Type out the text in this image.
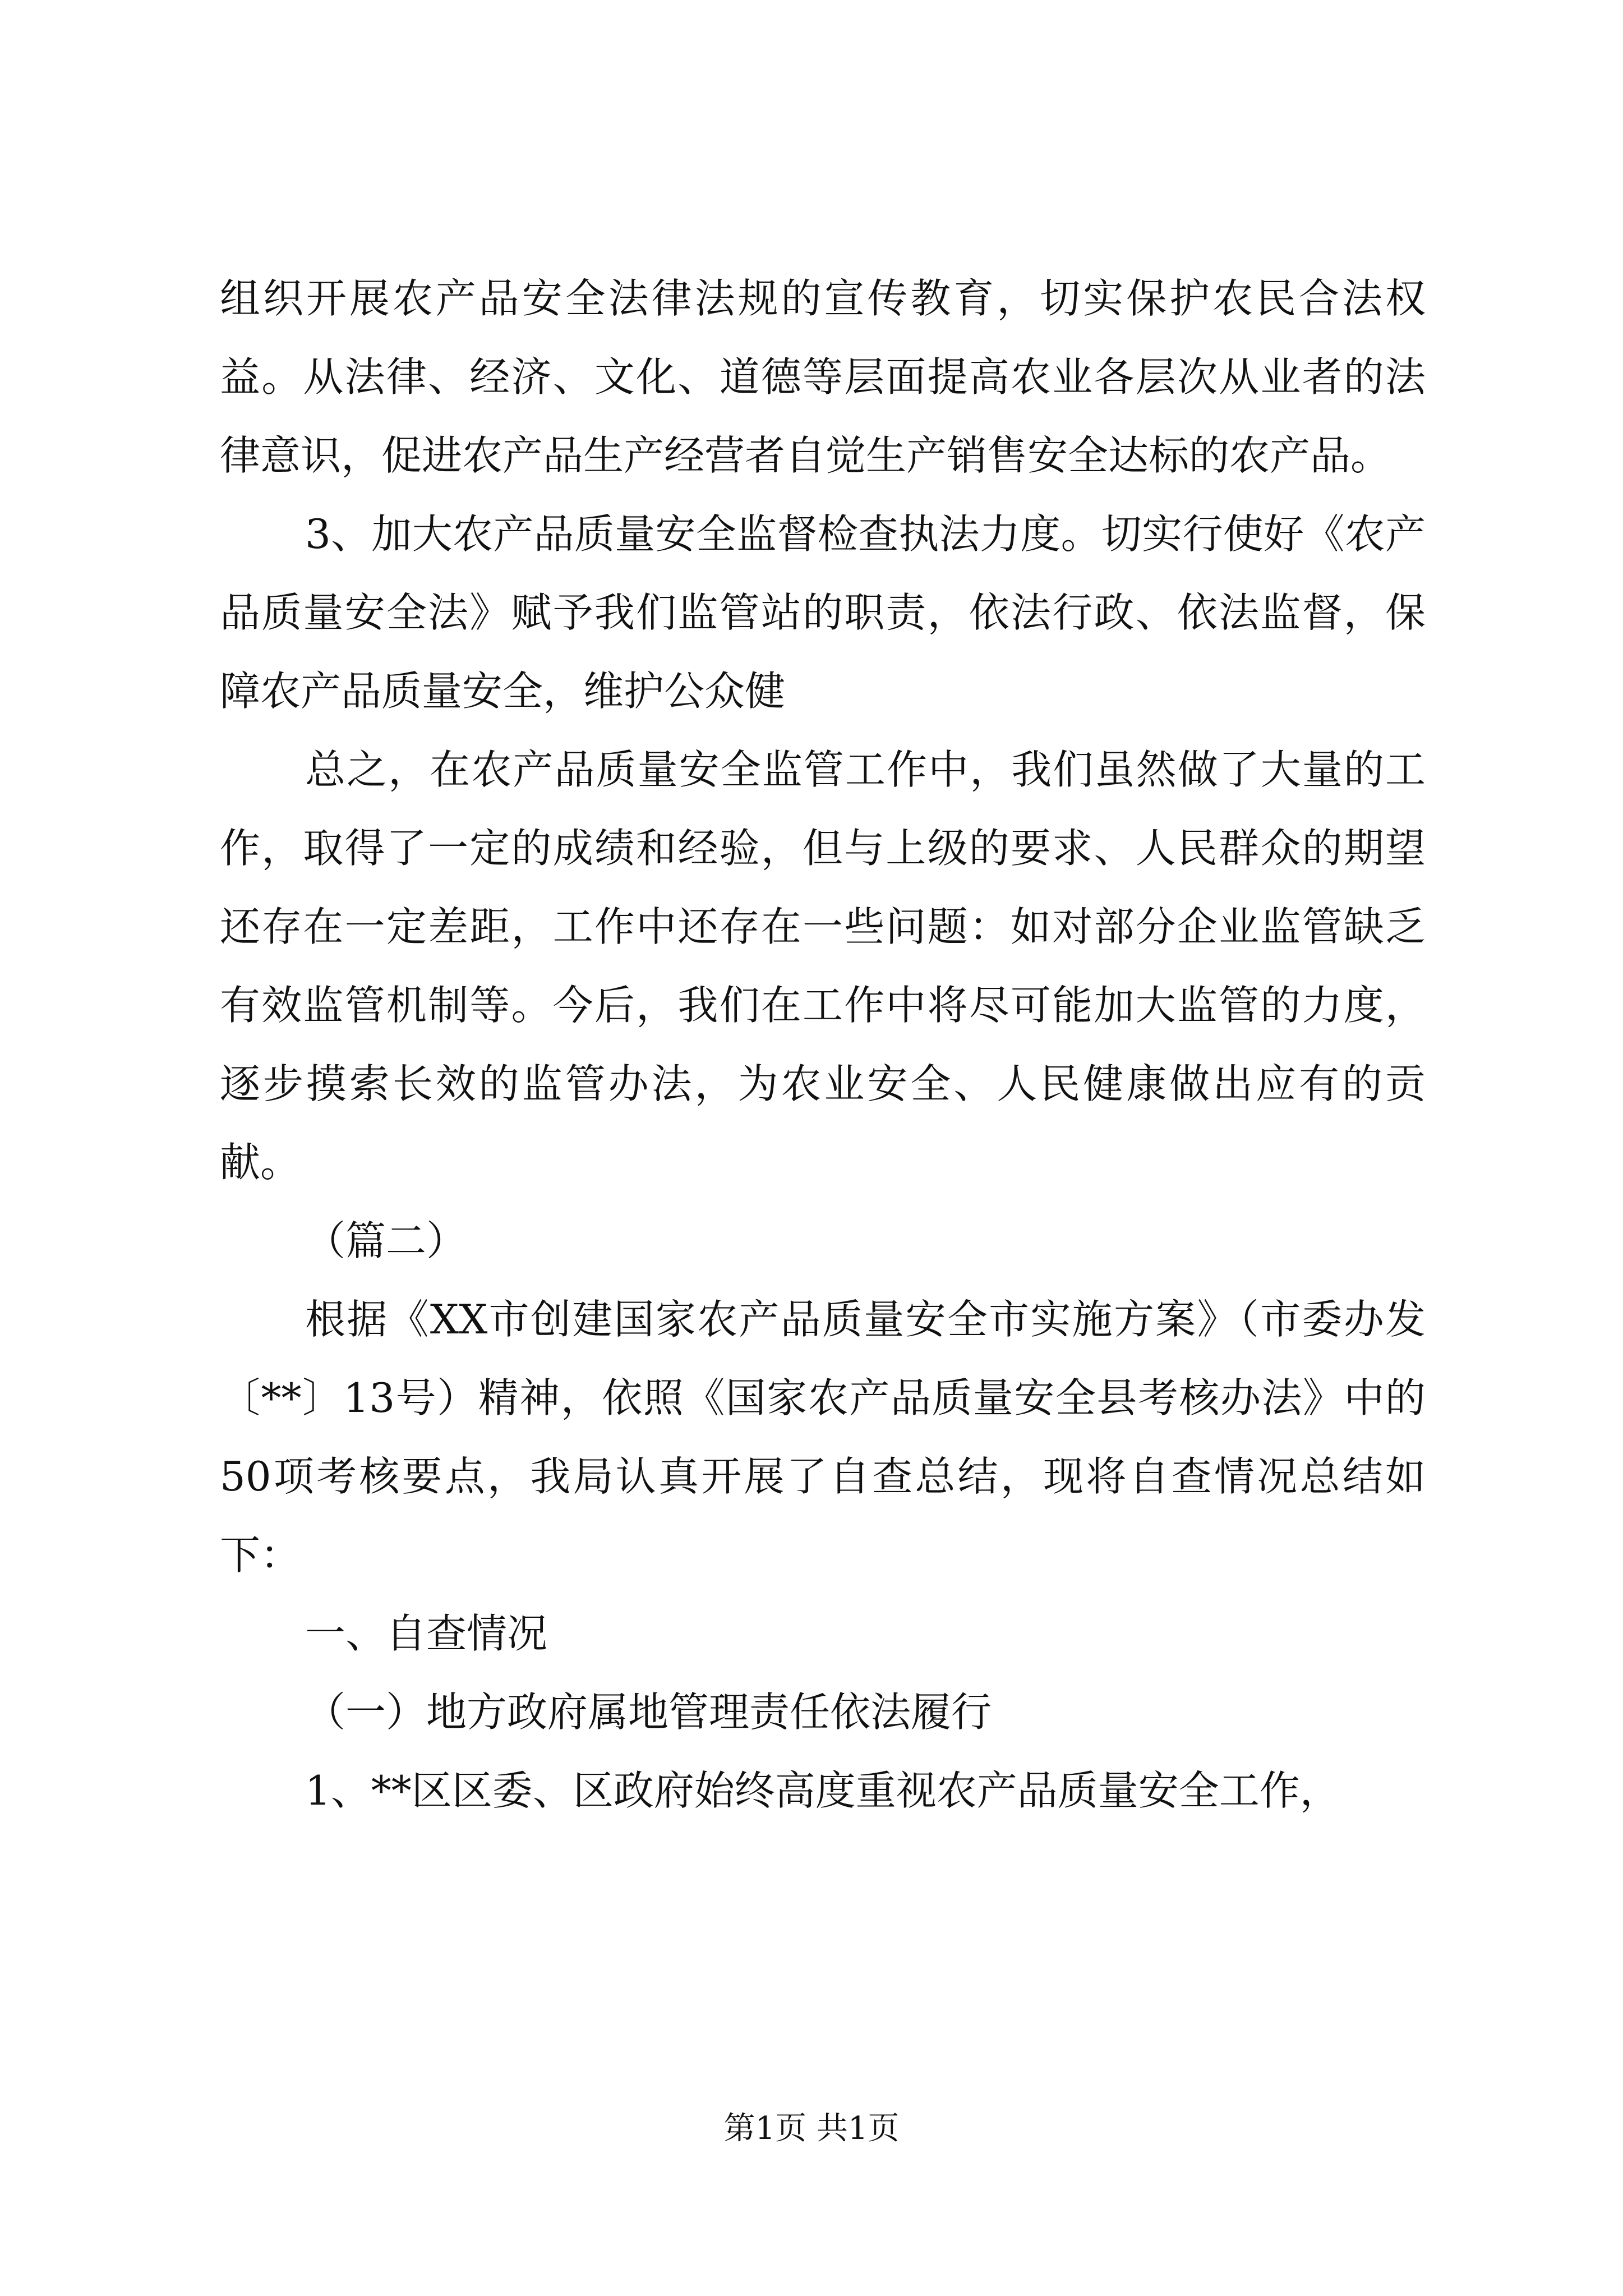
组织开展农产品安全法律法规的宣传教育，切实保护农民合法权益。从法律、经济、文化、道德等层面提高农业各层次从业者的法律意识，促进农产品生产经营者自觉生产销售安全达标的农产品。

3、加大农产品质量安全监督检查执法力度。切实行使好《农产品质量安全法》赋予我们监管站的职责，依法行政、依法监督，保障农产品质量安全，维护公众健

总之，在农产品质量安全监管工作中，我们虽然做了大量的工作，取得了一定的成绩和经验，但与上级的要求、人民群众的期望还存在一定差距，工作中还存在一些问题：如对部分企业监管缺乏有效监管机制等。今后，我们在工作中将尽可能加大监管的力度，逐步摸索长效的监管办法，为农业安全、人民健康做出应有的贡献。

（篇二）

根据《XX市创建国家农产品质量安全市实施方案》（市委办发〔**〕13号）精神，依照《国家农产品质量安全县考核办法》中的50项考核要点，我局认真开展了自查总结，现将自查情况总结如下：

一、自查情况

（一）地方政府属地管理责任依法履行

1、**区区委、区政府始终高度重视农产品质量安全工作，

第1页 共1页
